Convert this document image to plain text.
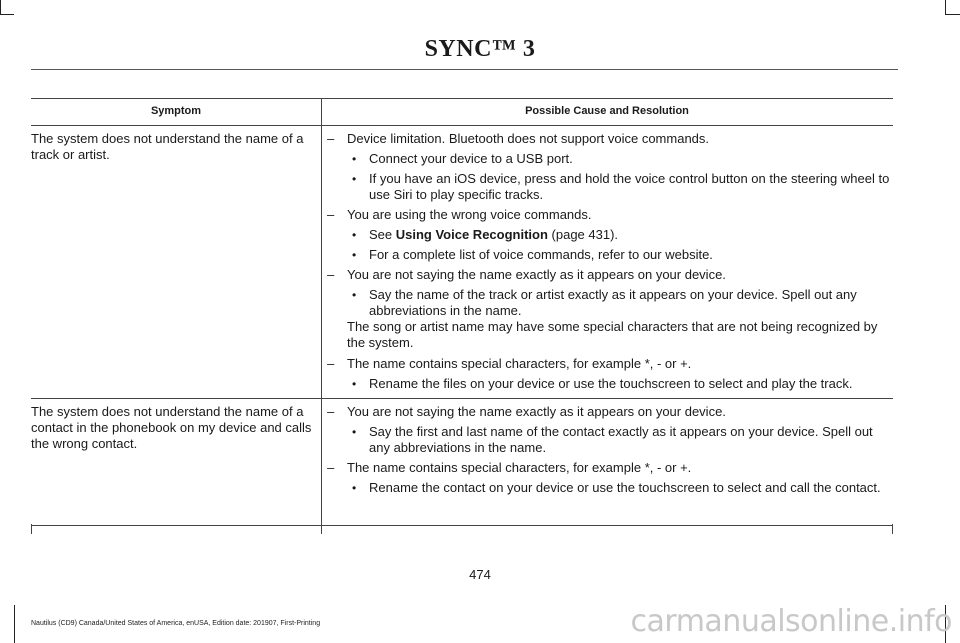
SYNC™ 3
Symptom	Possible Cause and Resolution
The system does not understand the name of a track or artist.
– Device limitation. Bluetooth does not support voice commands.
• Connect your device to a USB port.
• If you have an iOS device, press and hold the voice control button on the steering wheel to use Siri to play specific tracks.
– You are using the wrong voice commands.
• See Using Voice Recognition (page 431).
• For a complete list of voice commands, refer to our website.
– You are not saying the name exactly as it appears on your device.
• Say the name of the track or artist exactly as it appears on your device. Spell out any abbreviations in the name.
The song or artist name may have some special characters that are not being recognized by the system.
– The name contains special characters, for example *, - or +.
• Rename the files on your device or use the touchscreen to select and play the track.
The system does not understand the name of a contact in the phonebook on my device and calls the wrong contact.
– You are not saying the name exactly as it appears on your device.
• Say the first and last name of the contact exactly as it appears on your device. Spell out any abbreviations in the name.
– The name contains special characters, for example *, - or +.
• Rename the contact on your device or use the touchscreen to select and call the contact.
474
Nautilus (CD9) Canada/United States of America, enUSA, Edition date: 201907, First-Printing	carmanualsonline.info
